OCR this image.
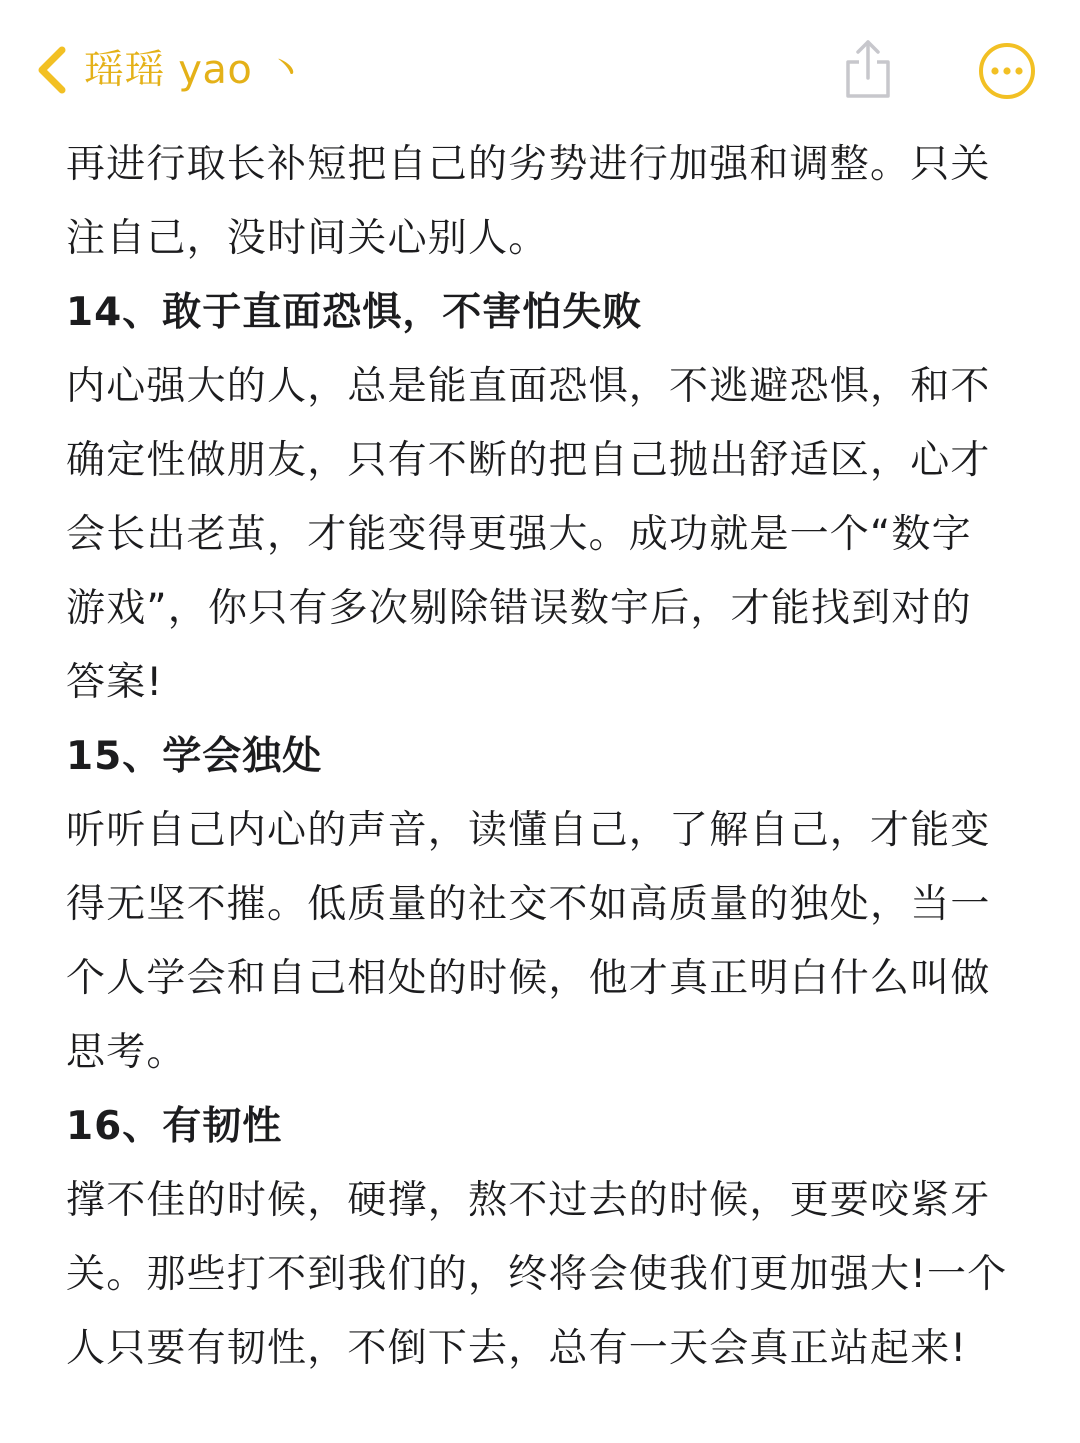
瑶瑶 yao 丶
再进行取长补短把自己的劣势进行加强和调整。只关
注自己，没时间关心别人。
14、敢于直面恐惧，不害怕失败
内心强大的人，总是能直面恐惧，不逃避恐惧，和不
确定性做朋友，只有不断的把自己抛出舒适区，心才
会长出老茧，才能变得更强大。成功就是一个“数字
游戏”，你只有多次剔除错误数宇后，才能找到对的
答案!
15、学会独处
听听自己内心的声音，读懂自己，了解自己，才能变
得无坚不摧。低质量的社交不如高质量的独处，当一
个人学会和自己相处的时候，他才真正明白什么叫做
思考。
16、有韧性
撑不佳的时候，硬撑，熬不过去的时候，更要咬紧牙
关。那些打不到我们的，终将会使我们更加强大!一个
人只要有韧性，不倒下去，总有一天会真正站起来!
